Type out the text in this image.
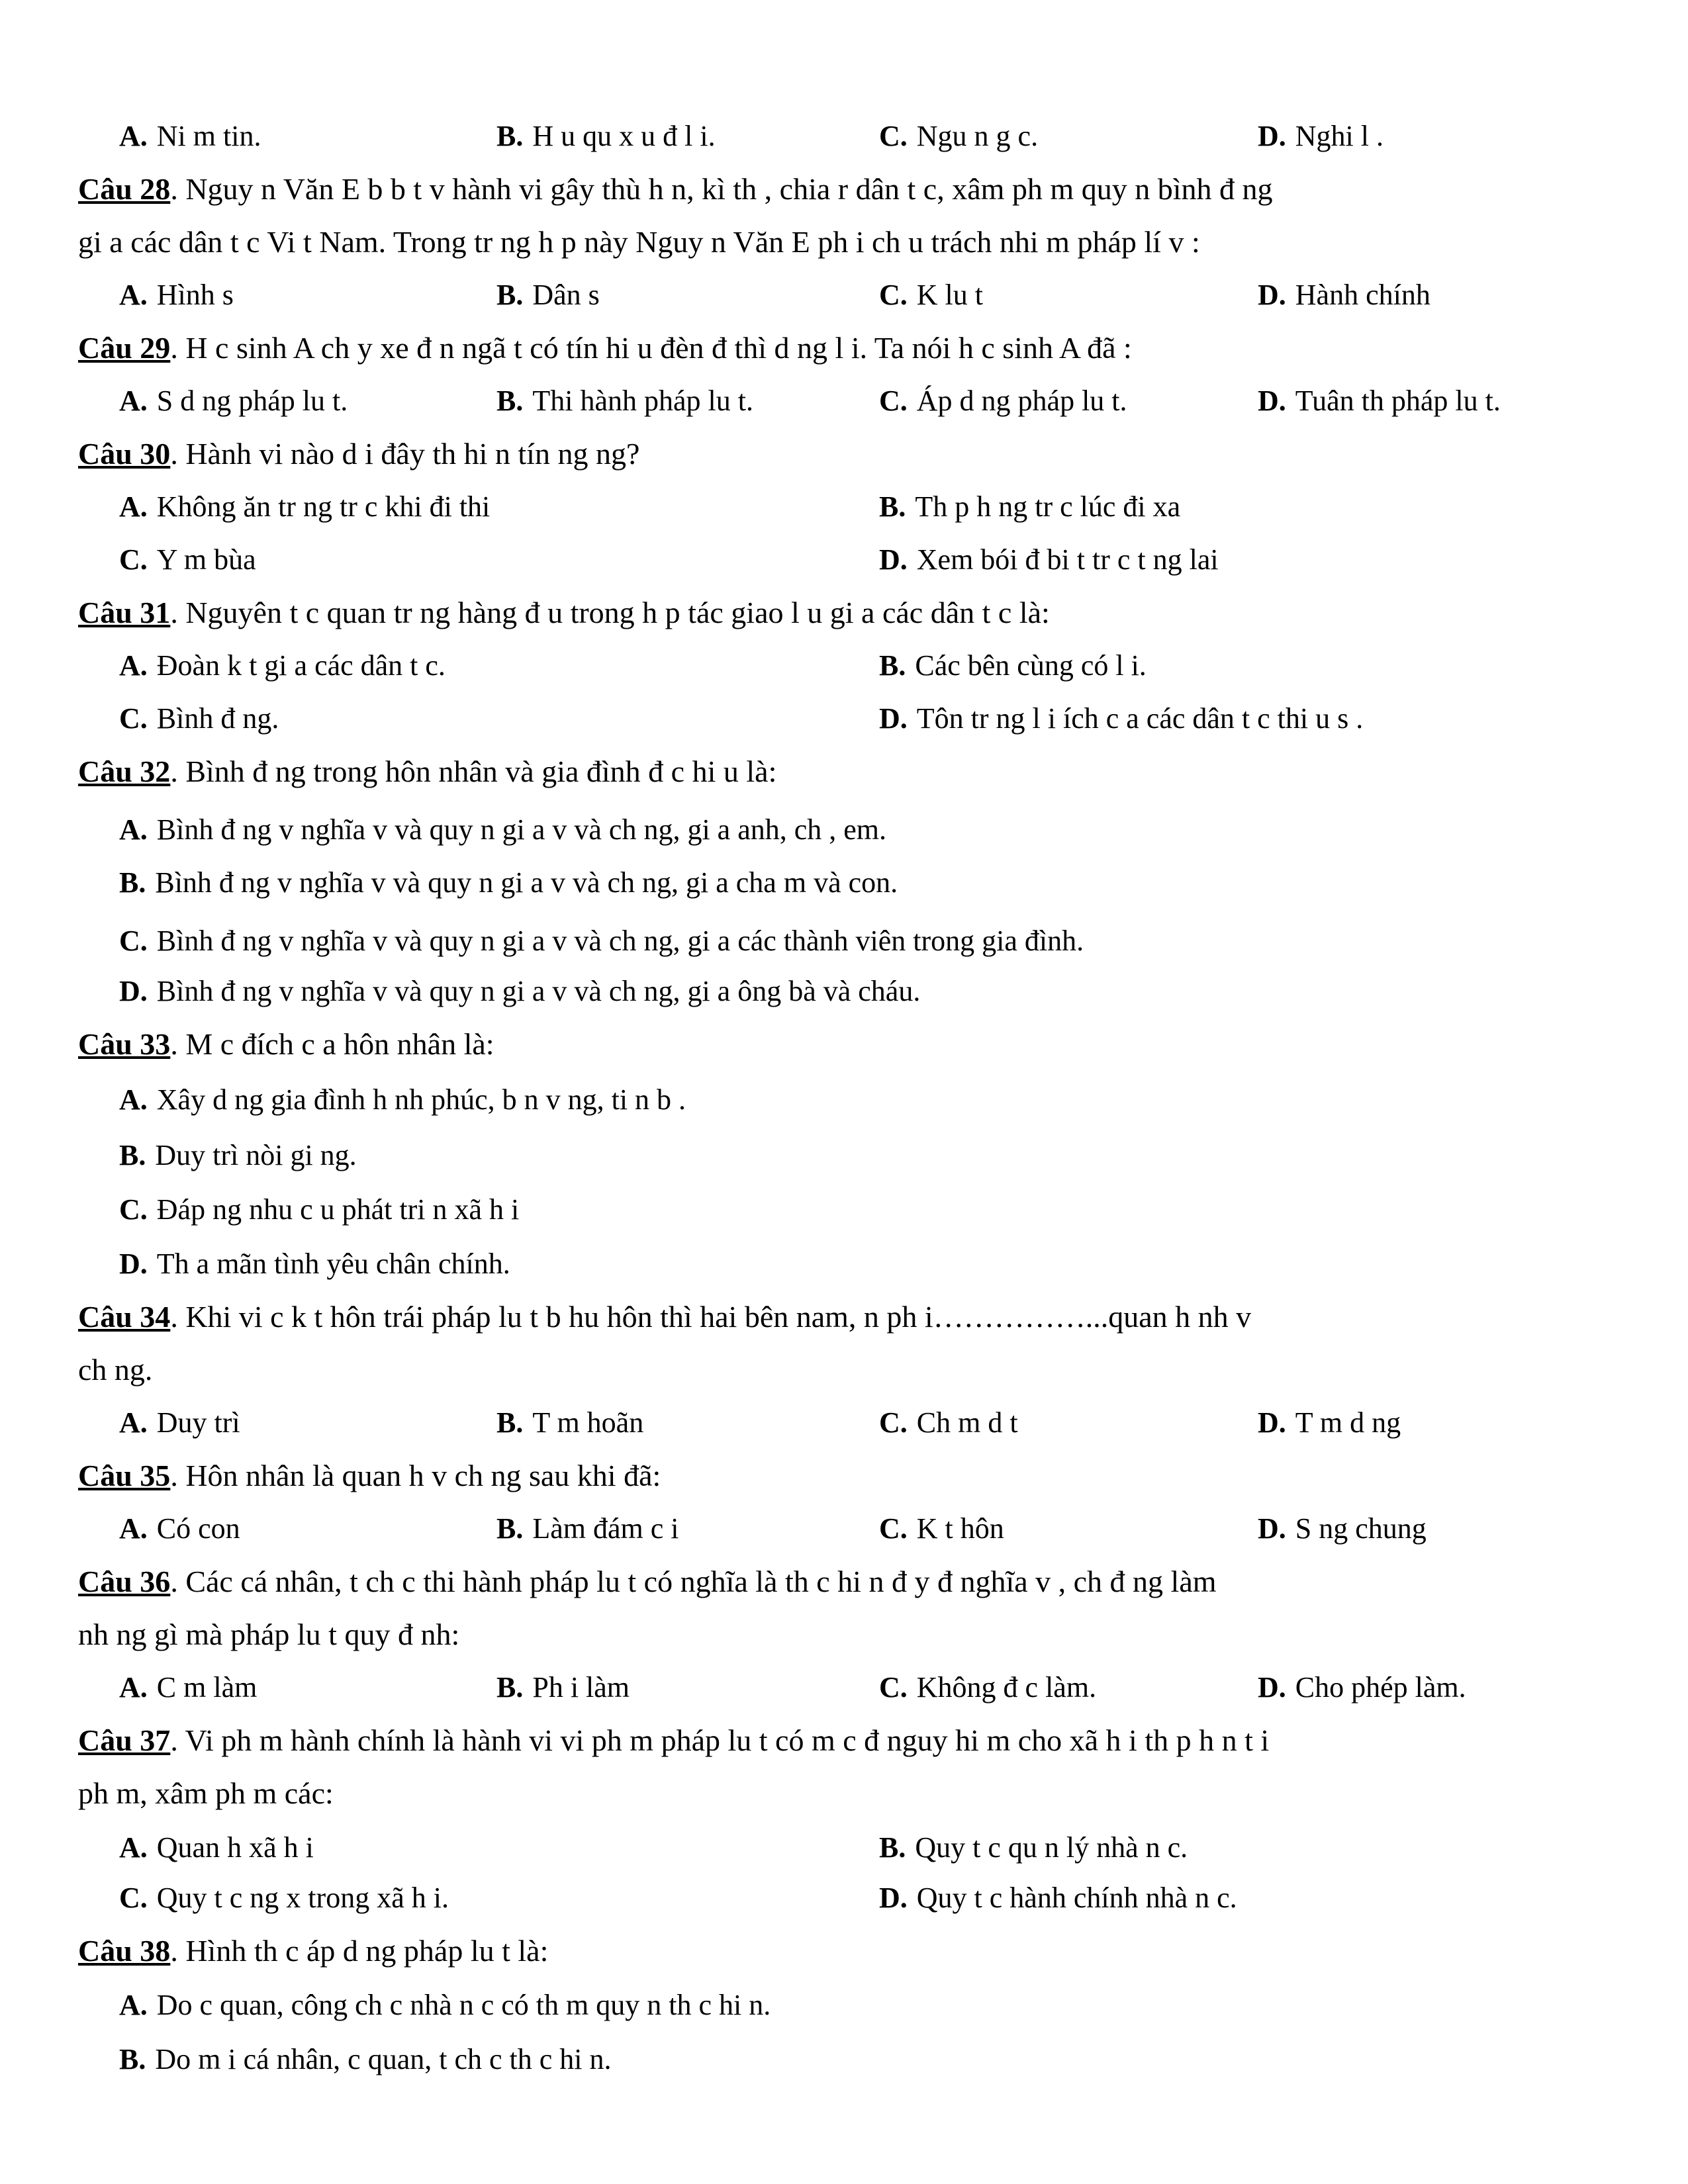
A. Ni m tin.	B. H u qu x u đ l i.	C. Ngu n g c.	D. Nghi l .
Câu 28. Nguy n Văn E b b t v hành vi gây thù h n, kì th , chia r dân t c, xâm ph m quy n bình đ ng
gi a các dân t c Vi t Nam. Trong tr ng h p này Nguy n Văn E ph i ch u trách nhi m pháp lí v :
A. Hình s	B. Dân s	C. K lu t	D. Hành chính
Câu 29. H c sinh A ch y xe đ n ngã t có tín hi u đèn đ thì d ng l i. Ta nói h c sinh A đã :
A. S d ng pháp lu t.	B. Thi hành pháp lu t.	C. Áp d ng pháp lu t.	D. Tuân th pháp lu t.
Câu 30. Hành vi nào d i đây th hi n tín ng ng?
A. Không ăn tr ng tr c khi đi thi	B. Th p h ng tr c lúc đi xa
C. Y m bùa	D. Xem bói đ bi t tr c t ng lai
Câu 31. Nguyên t c quan tr ng hàng đ u trong h p tác giao l u gi a các dân t c là:
A. Đoàn k t gi a các dân t c.	B. Các bên cùng có l i.
C. Bình đ ng.	D. Tôn tr ng l i ích c a các dân t c thi u s .
Câu 32. Bình đ ng trong hôn nhân và gia đình đ c hi u là:
A. Bình đ ng v nghĩa v và quy n gi a v và ch ng, gi a anh, ch , em.
B. Bình đ ng v nghĩa v và quy n gi a v và ch ng, gi a cha m và con.
C. Bình đ ng v nghĩa v và quy n gi a v và ch ng, gi a các thành viên trong gia đình.
D. Bình đ ng v nghĩa v và quy n gi a v và ch ng, gi a ông bà và cháu.
Câu 33. M c đích c a hôn nhân là:
A. Xây d ng gia đình h nh phúc, b n v ng, ti n b .
B. Duy trì nòi gi ng.
C. Đáp ng nhu c u phát tri n xã h i
D. Th a mãn tình yêu chân chính.
Câu 34. Khi vi c k t hôn trái pháp lu t b hu hôn thì hai bên nam, n ph i……………...quan h nh v
ch ng.
A. Duy trì	B. T m hoãn	C. Ch m d t	D. T m d ng
Câu 35. Hôn nhân là quan h v ch ng sau khi đã:
A. Có con	B. Làm đám c i	C. K t hôn	D. S ng chung
Câu 36. Các cá nhân, t ch c thi hành pháp lu t có nghĩa là th c hi n đ y đ nghĩa v , ch đ ng làm
nh ng gì mà pháp lu t quy đ nh:
A. C m làm	B. Ph i làm	C. Không đ c làm.	D. Cho phép làm.
Câu 37. Vi ph m hành chính là hành vi vi ph m pháp lu t có m c đ nguy hi m cho xã h i th p h n t i
ph m, xâm ph m các:
A. Quan h xã h i	B. Quy t c qu n lý nhà n c.
C. Quy t c ng x trong xã h i.	D. Quy t c hành chính nhà n c.
Câu 38. Hình th c áp d ng pháp lu t là:
A. Do c quan, công ch c nhà n c có th m quy n th c hi n.
B. Do m i cá nhân, c quan, t ch c th c hi n.
